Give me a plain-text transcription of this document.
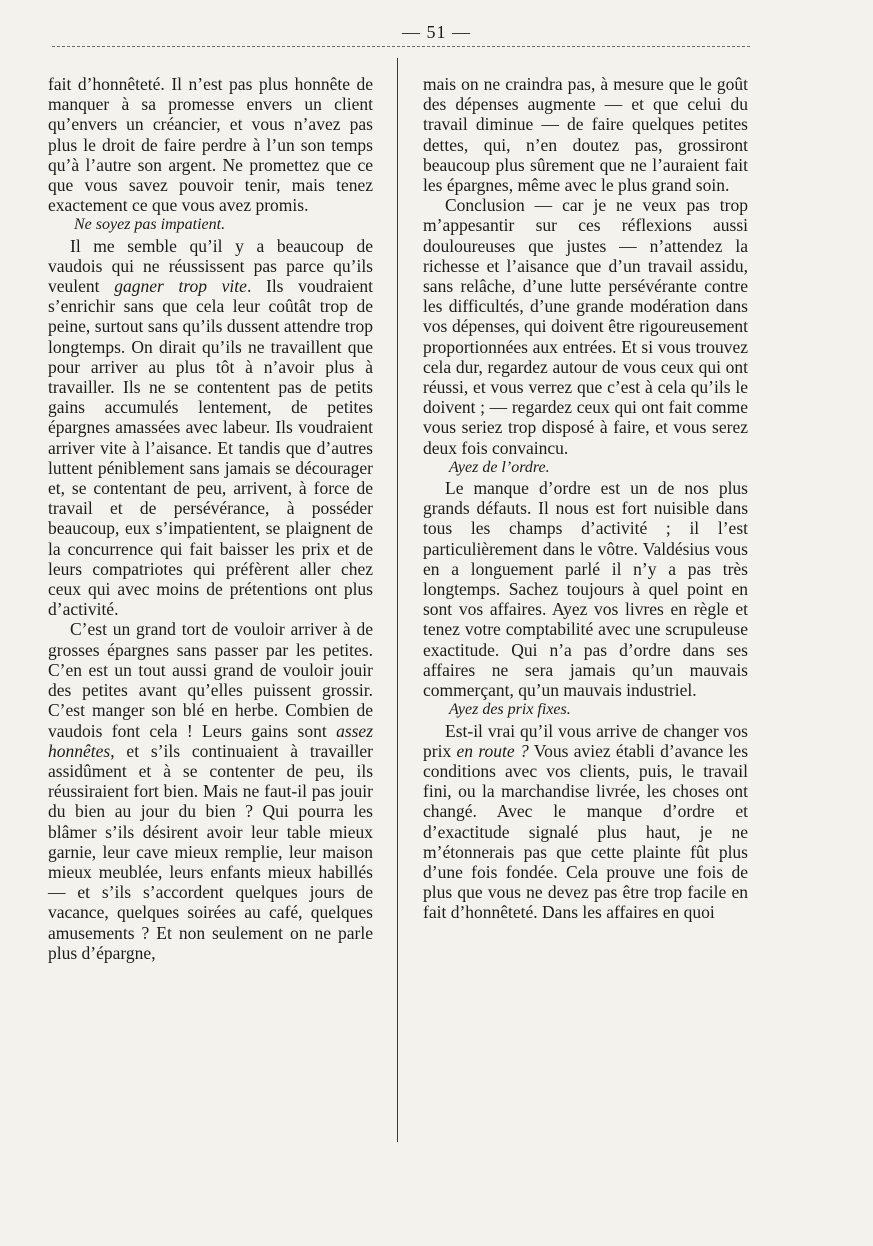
— 51 —

fait d’honnêteté. Il n’est pas plus honnête de manquer à sa promesse envers un client qu’envers un créancier, et vous n’avez pas plus le droit de faire perdre à l’un son temps qu’à l’autre son argent. Ne promettez que ce que vous savez pouvoir tenir, mais tenez exactement ce que vous avez promis.

Ne soyez pas impatient.

Il me semble qu’il y a beaucoup de vaudois qui ne réussissent pas parce qu’ils veulent gagner trop vite. Ils voudraient s’enrichir sans que cela leur coûtât trop de peine, surtout sans qu’ils dussent attendre trop longtemps. On dirait qu’ils ne travaillent que pour arriver au plus tôt à n’avoir plus à travailler. Ils ne se contentent pas de petits gains accumulés lentement, de petites épargnes amassées avec labeur. Ils voudraient arriver vite à l’aisance. Et tandis que d’autres luttent péniblement sans jamais se décourager et, se contentant de peu, arrivent, à force de travail et de persévérance, à posséder beaucoup, eux s’impatientent, se plaignent de la concurrence qui fait baisser les prix et de leurs compatriotes qui préfèrent aller chez ceux qui avec moins de prétentions ont plus d’activité.

C’est un grand tort de vouloir arriver à de grosses épargnes sans passer par les petites. C’en est un tout aussi grand de vouloir jouir des petites avant qu’elles puissent grossir. C’est manger son blé en herbe. Combien de vaudois font cela ! Leurs gains sont assez honnêtes, et s’ils continuaient à travailler assidûment et à se contenter de peu, ils réussiraient fort bien. Mais ne faut-il pas jouir du bien au jour du bien ? Qui pourra les blâmer s’ils désirent avoir leur table mieux garnie, leur cave mieux remplie, leur maison mieux meublée, leurs enfants mieux habillés — et s’ils s’accordent quelques jours de vacance, quelques soirées au café, quelques amusements ? Et non seulement on ne parle plus d’épargne,

mais on ne craindra pas, à mesure que le goût des dépenses augmente — et que celui du travail diminue — de faire quelques petites dettes, qui, n’en doutez pas, grossiront beaucoup plus sûrement que ne l’auraient fait les épargnes, même avec le plus grand soin.

Conclusion — car je ne veux pas trop m’appesantir sur ces réflexions aussi douloureuses que justes — n’attendez la richesse et l’aisance que d’un travail assidu, sans relâche, d’une lutte persévérante contre les difficultés, d’une grande modération dans vos dépenses, qui doivent être rigoureusement proportionnées aux entrées. Et si vous trouvez cela dur, regardez autour de vous ceux qui ont réussi, et vous verrez que c’est à cela qu’ils le doivent ; — regardez ceux qui ont fait comme vous seriez trop disposé à faire, et vous serez deux fois convaincu.

Ayez de l’ordre.

Le manque d’ordre est un de nos plus grands défauts. Il nous est fort nuisible dans tous les champs d’activité ; il l’est particulièrement dans le vôtre. Valdésius vous en a longuement parlé il n’y a pas très longtemps. Sachez toujours à quel point en sont vos affaires. Ayez vos livres en règle et tenez votre comptabilité avec une scrupuleuse exactitude. Qui n’a pas d’ordre dans ses affaires ne sera jamais qu’un mauvais commerçant, qu’un mauvais industriel.

Ayez des prix fixes.

Est-il vrai qu’il vous arrive de changer vos prix en route ? Vous aviez établi d’avance les conditions avec vos clients, puis, le travail fini, ou la marchandise livrée, les choses ont changé. Avec le manque d’ordre et d’exactitude signalé plus haut, je ne m’étonnerais pas que cette plainte fût plus d’une fois fondée. Cela prouve une fois de plus que vous ne devez pas être trop facile en fait d’honnêteté. Dans les affaires en quoi
